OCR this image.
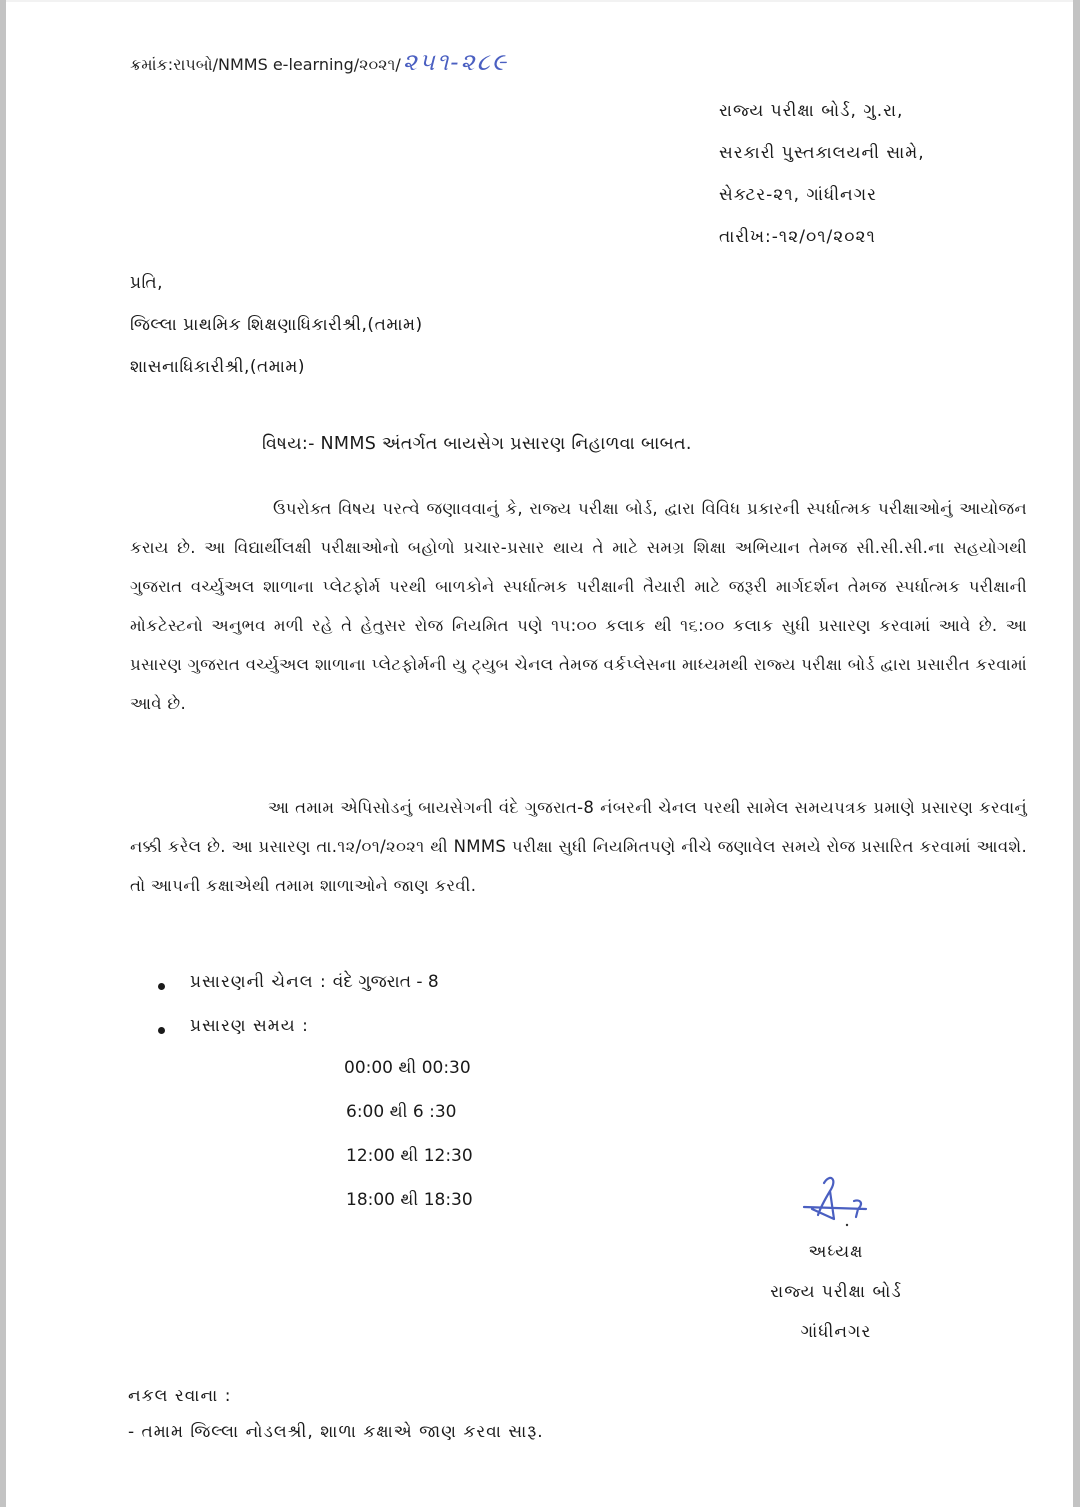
ક્રમાંક:રાપબો/NMMS e-learning/૨૦૨૧/ ૨૫૧-૨૮૯
રાજ્ય પરીક્ષા બોર્ડ, ગુ.રા,
સરકારી પુસ્તકાલયની સામે,
સેક્ટર-૨૧, ગાંધીનગર
તારીખ:-૧૨/૦૧/૨૦૨૧
પ્રતિ,
જિલ્લા પ્રાથમિક શિક્ષણાધિકારીશ્રી,(તમામ)
શાસનાધિકારીશ્રી,(તમામ)
વિષય:- NMMS અંતર્ગત બાયસેગ પ્રસારણ નિહાળવા બાબત.
ઉપરોક્ત વિષય પરત્વે જણાવવાનું કે, રાજ્ય પરીક્ષા બોર્ડ, દ્વારા વિવિધ પ્રકારની સ્પર્ધાત્મક પરીક્ષાઓનું આયોજન કરાય છે. આ વિદ્યાર્થીલક્ષી પરીક્ષાઓનો બહોળો પ્રચાર-પ્રસાર થાય તે માટે સમગ્ર શિક્ષા અભિયાન તેમજ સી.સી.સી.ના સહયોગથી ગુજરાત વર્ચ્યુઅલ શાળાના પ્લેટફોર્મ પરથી બાળકોને સ્પર્ધાત્મક પરીક્ષાની તૈયારી માટે જરૂરી માર્ગદર્શન તેમજ સ્પર્ધાત્મક પરીક્ષાની મોકટેસ્ટનો અનુભવ મળી રહે તે હેતુસર રોજ નિયમિત પણે ૧૫:૦૦ કલાક થી ૧૬:૦૦ કલાક સુધી પ્રસારણ કરવામાં આવે છે. આ પ્રસારણ ગુજરાત વર્ચ્યુઅલ શાળાના પ્લેટફોર્મની યુ ટ્યુબ ચેનલ તેમજ વર્કપ્લેસના માધ્યમથી રાજ્ય પરીક્ષા બોર્ડ દ્વારા પ્રસારીત કરવામાં આવે છે.
આ તમામ એપિસોડનું બાયસેગની વંદે ગુજરાત-8 નંબરની ચેનલ પરથી સામેલ સમયપત્રક પ્રમાણે પ્રસારણ કરવાનું નક્કી કરેલ છે. આ પ્રસારણ તા.૧૨/૦૧/૨૦૨૧ થી NMMS પરીક્ષા સુધી નિયમિતપણે નીચે જણાવેલ સમયે રોજ પ્રસારિત કરવામાં આવશે. તો આપની કક્ષાએથી તમામ શાળાઓને જાણ કરવી.
પ્રસારણની ચેનલ : વંદે ગુજરાત - 8
પ્રસારણ સમય :
00:00 થી 00:30
6:00 થી 6 :30
12:00 થી 12:30
18:00 થી 18:30
અધ્યક્ષ
રાજ્ય પરીક્ષા બોર્ડ
ગાંધીનગર
નકલ રવાના :
- તમામ જિલ્લા નોડલશ્રી, શાળા કક્ષાએ જાણ કરવા સારૂ.
